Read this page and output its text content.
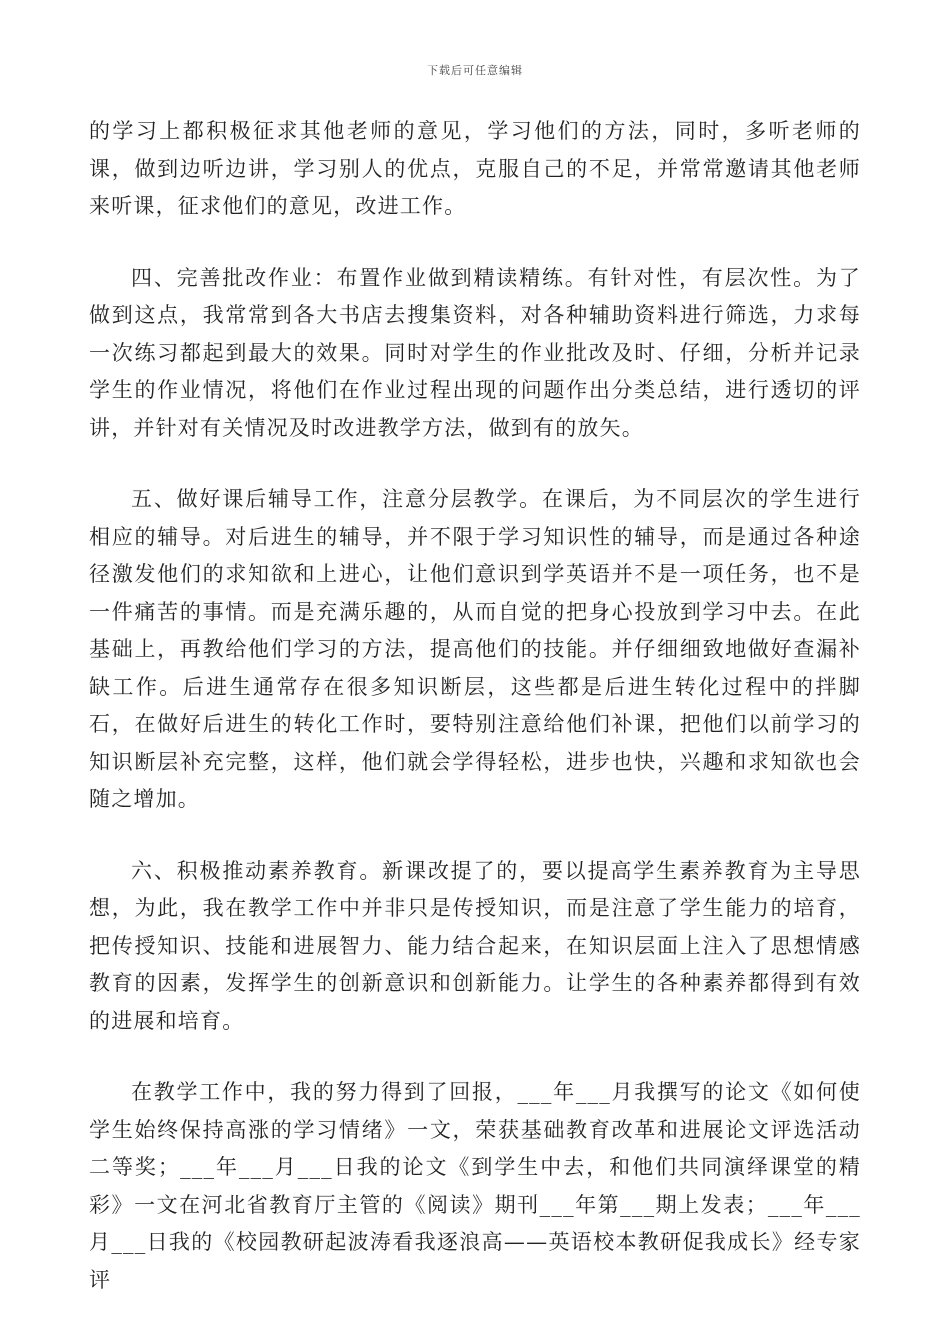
下载后可任意编辑

的学习上都积极征求其他老师的意见，学习他们的方法，同时，多听老师的课，做到边听边讲，学习别人的优点，克服自己的不足，并常常邀请其他老师来听课，征求他们的意见，改进工作。

四、完善批改作业：布置作业做到精读精练。有针对性，有层次性。为了做到这点，我常常到各大书店去搜集资料，对各种辅助资料进行筛选，力求每一次练习都起到最大的效果。同时对学生的作业批改及时、仔细，分析并记录学生的作业情况，将他们在作业过程出现的问题作出分类总结，进行透切的评讲，并针对有关情况及时改进教学方法，做到有的放矢。

五、做好课后辅导工作，注意分层教学。在课后，为不同层次的学生进行相应的辅导。对后进生的辅导，并不限于学习知识性的辅导，而是通过各种途径激发他们的求知欲和上进心，让他们意识到学英语并不是一项任务，也不是一件痛苦的事情。而是充满乐趣的，从而自觉的把身心投放到学习中去。在此基础上，再教给他们学习的方法，提高他们的技能。并仔细细致地做好查漏补缺工作。后进生通常存在很多知识断层，这些都是后进生转化过程中的拌脚石，在做好后进生的转化工作时，要特别注意给他们补课，把他们以前学习的知识断层补充完整，这样，他们就会学得轻松，进步也快，兴趣和求知欲也会随之增加。

六、积极推动素养教育。新课改提了的，要以提高学生素养教育为主导思想，为此，我在教学工作中并非只是传授知识，而是注意了学生能力的培育，把传授知识、技能和进展智力、能力结合起来，在知识层面上注入了思想情感教育的因素，发挥学生的创新意识和创新能力。让学生的各种素养都得到有效的进展和培育。

在教学工作中，我的努力得到了回报，___年___月我撰写的论文《如何使学生始终保持高涨的学习情绪》一文，荣获基础教育改革和进展论文评选活动二等奖；___年___月___日我的论文《到学生中去，和他们共同演绎课堂的精彩》一文在河北省教育厅主管的《阅读》期刊___年第___期上发表；___年___月___日我的《校园教研起波涛看我逐浪高——英语校本教研促我成长》经专家评
